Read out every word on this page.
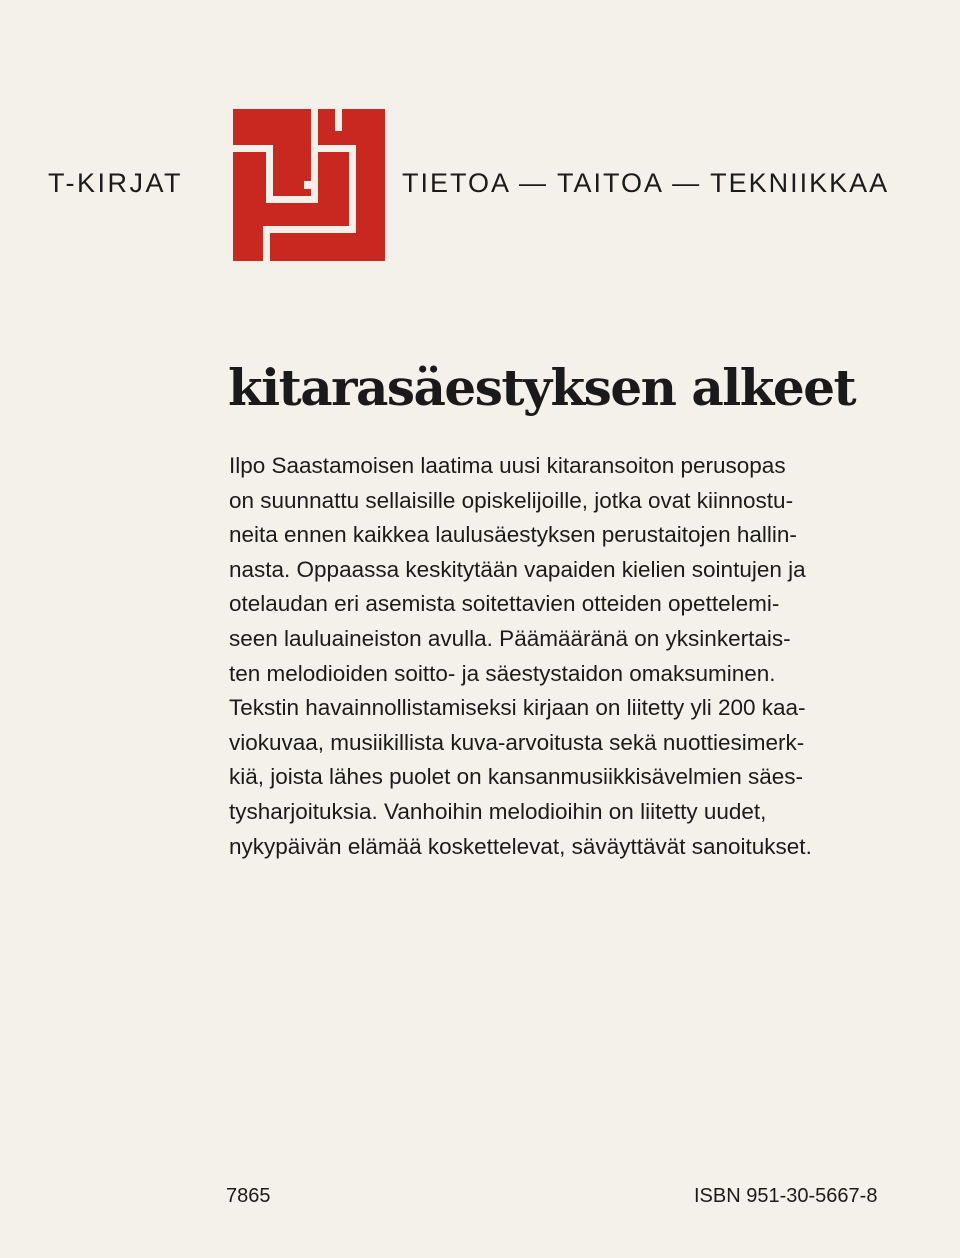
T-KIRJAT	TIETOA — TAITOA — TEKNIIKKAA
kitarasäestyksen alkeet

Ilpo Saastamoisen laatima uusi kitaransoiton perusopas
on suunnattu sellaisille opiskelijoille, jotka ovat kiinnostu-
neita ennen kaikkea laulusäestyksen perustaitojen hallin-
nasta. Oppaassa keskitytään vapaiden kielien sointujen ja
otelaudan eri asemista soitettavien otteiden opettelemi-
seen lauluaineiston avulla. Päämääränä on yksinkertais-
ten melodioiden soitto- ja säestystaidon omaksuminen.
Tekstin havainnollistamiseksi kirjaan on liitetty yli 200 kaa-
viokuvaa, musiikillista kuva-arvoitusta sekä nuottiesimerk-
kiä, joista lähes puolet on kansanmusiikkisävelmien säes-
tysharjoituksia. Vanhoihin melodioihin on liitetty uudet,
nykypäivän elämää koskettelevat, säväyttävät sanoitukset.

7865	ISBN 951-30-5667-8
